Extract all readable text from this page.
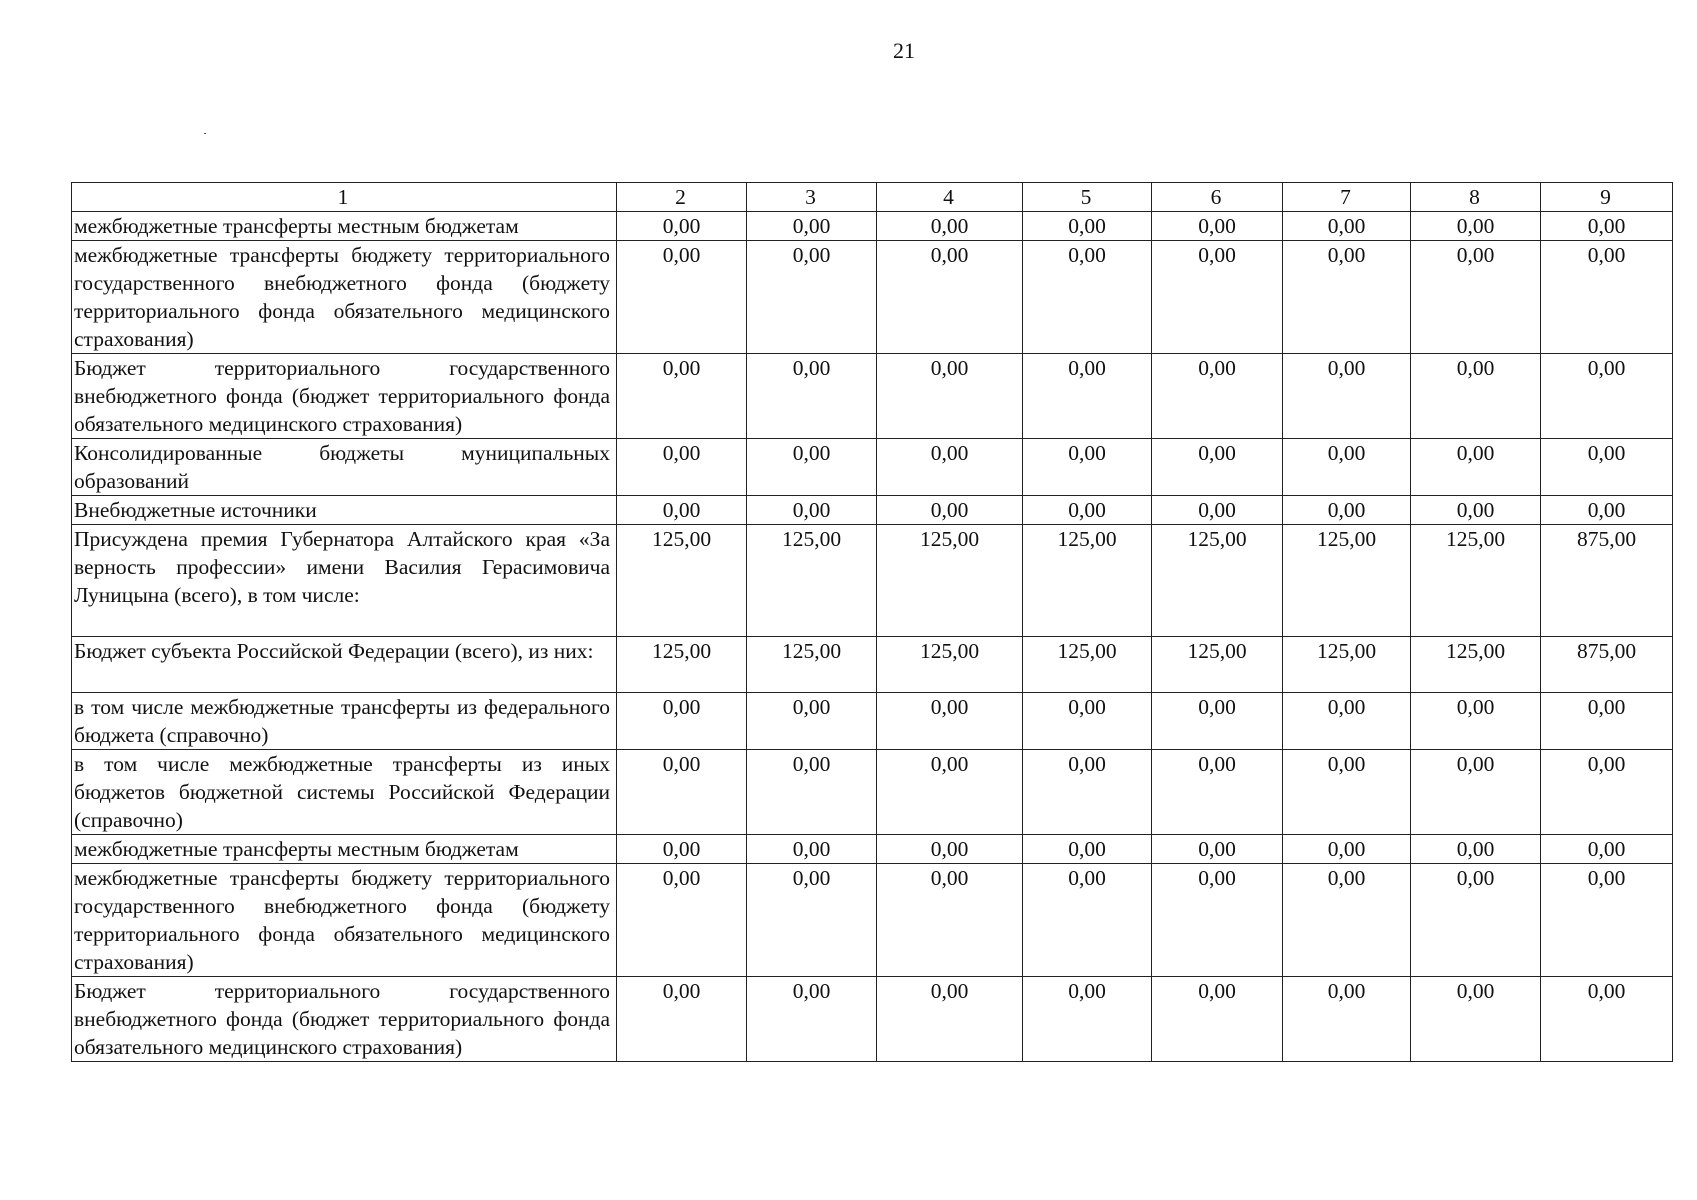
21
1	2	3	4	5	6	7	8	9
межбюджетные трансферты местным бюджетам	0,00	0,00	0,00	0,00	0,00	0,00	0,00	0,00
межбюджетные трансферты бюджету территориального государственного внебюджетного фонда (бюджету территориального фонда обязательного медицинского страхования)	0,00	0,00	0,00	0,00	0,00	0,00	0,00	0,00
Бюджет территориального государственного внебюджетного фонда (бюджет территориального фонда обязательного медицинского страхования)	0,00	0,00	0,00	0,00	0,00	0,00	0,00	0,00
Консолидированные бюджеты муниципальных образований	0,00	0,00	0,00	0,00	0,00	0,00	0,00	0,00
Внебюджетные источники	0,00	0,00	0,00	0,00	0,00	0,00	0,00	0,00
Присуждена премия Губернатора Алтайского края «За верность профессии» имени Василия Герасимовича Луницына (всего), в том числе:	125,00	125,00	125,00	125,00	125,00	125,00	125,00	875,00
Бюджет субъекта Российской Федерации (всего), из них:	125,00	125,00	125,00	125,00	125,00	125,00	125,00	875,00
в том числе межбюджетные трансферты из федерального бюджета (справочно)	0,00	0,00	0,00	0,00	0,00	0,00	0,00	0,00
в том числе межбюджетные трансферты из иных бюджетов бюджетной системы Российской Федерации (справочно)	0,00	0,00	0,00	0,00	0,00	0,00	0,00	0,00
межбюджетные трансферты местным бюджетам	0,00	0,00	0,00	0,00	0,00	0,00	0,00	0,00
межбюджетные трансферты бюджету территориального государственного внебюджетного фонда (бюджету территориального фонда обязательного медицинского страхования)	0,00	0,00	0,00	0,00	0,00	0,00	0,00	0,00
Бюджет территориального государственного внебюджетного фонда (бюджет территориального фонда обязательного медицинского страхования)	0,00	0,00	0,00	0,00	0,00	0,00	0,00	0,00
